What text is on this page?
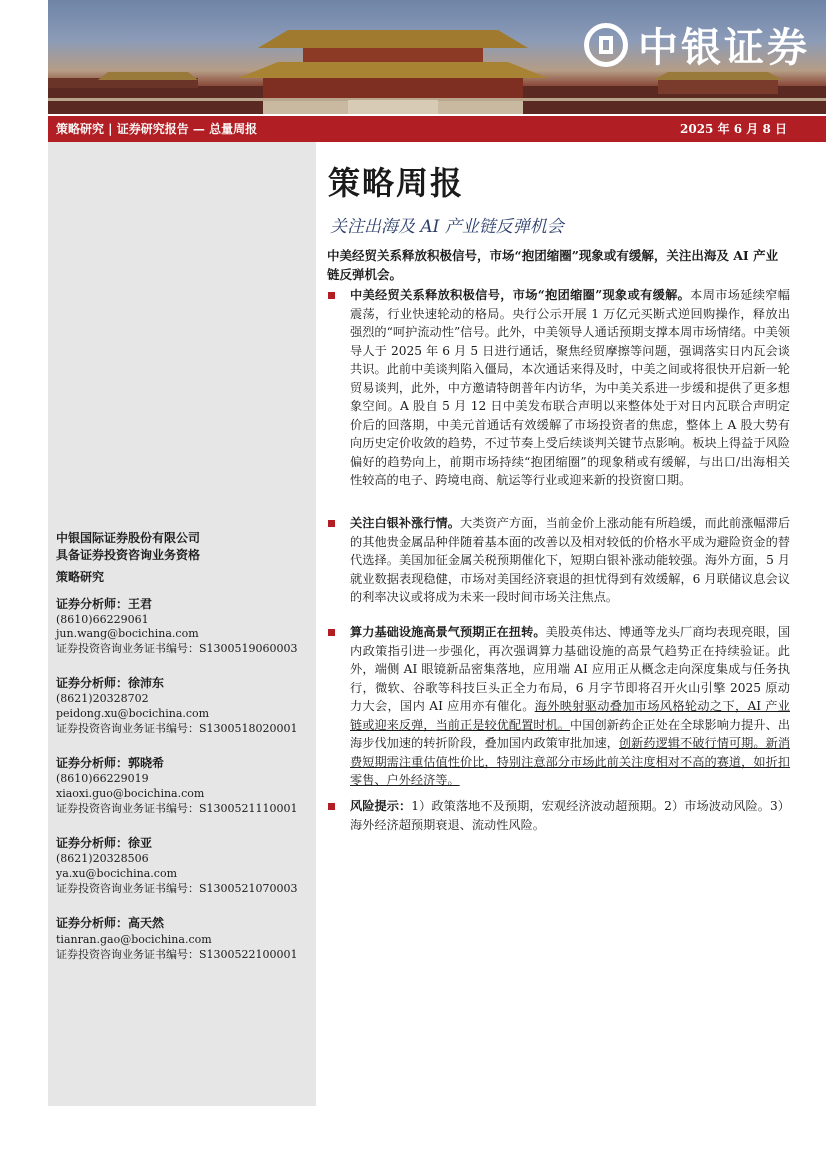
中银证券
策略研究 | 证券研究报告 — 总量周报	2025 年 6 月 8 日
中银国际证券股份有限公司
具备证券投资咨询业务资格
策略研究
证券分析师：王君
(8610)66229061
jun.wang@bocichina.com
证券投资咨询业务证书编号：S1300519060003
证券分析师：徐沛东
(8621)20328702
peidong.xu@bocichina.com
证券投资咨询业务证书编号：S1300518020001
证券分析师：郭晓希
(8610)66229019
xiaoxi.guo@bocichina.com
证券投资咨询业务证书编号：S1300521110001
证券分析师：徐亚
(8621)20328506
ya.xu@bocichina.com
证券投资咨询业务证书编号：S1300521070003
证券分析师：高天然
tianran.gao@bocichina.com
证券投资咨询业务证书编号：S1300522100001
策略周报
关注出海及 AI 产业链反弹机会
中美经贸关系释放积极信号，市场“抱团缩圈”现象或有缓解，关注出海及 AI 产业链反弹机会。
中美经贸关系释放积极信号，市场“抱团缩圈”现象或有缓解。本周市场延续窄幅震荡，行业快速轮动的格局。央行公示开展 1 万亿元买断式逆回购操作，释放出强烈的“呵护流动性”信号。此外，中美领导人通话预期支撑本周市场情绪。中美领导人于 2025 年 6 月 5 日进行通话，聚焦经贸摩擦等问题，强调落实日内瓦会谈共识。此前中美谈判陷入僵局，本次通话来得及时，中美之间或将很快开启新一轮贸易谈判，此外，中方邀请特朗普年内访华，为中美关系进一步缓和提供了更多想象空间。A 股自 5 月 12 日中美发布联合声明以来整体处于对日内瓦联合声明定价后的回落期，中美元首通话有效缓解了市场投资者的焦虑，整体上 A 股大势有向历史定价收敛的趋势，不过节奏上受后续谈判关键节点影响。板块上得益于风险偏好的趋势向上，前期市场持续“抱团缩圈”的现象稍或有缓解，与出口/出海相关性较高的电子、跨境电商、航运等行业或迎来新的投资窗口期。
关注白银补涨行情。大类资产方面，当前金价上涨动能有所趋缓，而此前涨幅滞后的其他贵金属品种伴随着基本面的改善以及相对较低的价格水平成为避险资金的替代选择。美国加征金属关税预期催化下，短期白银补涨动能较强。海外方面，5 月就业数据表现稳健，市场对美国经济衰退的担忧得到有效缓解，6 月联储议息会议的利率决议或将成为未来一段时间市场关注焦点。
算力基础设施高景气预期正在扭转。美股英伟达、博通等龙头厂商均表现亮眼，国内政策指引进一步强化，再次强调算力基础设施的高景气趋势正在持续验证。此外，端侧 AI 眼镜新品密集落地，应用端 AI 应用正从概念走向深度集成与任务执行，微软、谷歌等科技巨头正全力布局，6 月字节即将召开火山引擎 2025 原动力大会，国内 AI 应用亦有催化。海外映射驱动叠加市场风格轮动之下，AI 产业链或迎来反弹，当前正是较优配置时机。中国创新药企正处在全球影响力提升、出海步伐加速的转折阶段，叠加国内政策审批加速，创新药逻辑不破行情可期。新消费短期需注重估值性价比，特别注意部分市场此前关注度相对不高的赛道，如折扣零售、户外经济等。
风险提示：1）政策落地不及预期，宏观经济波动超预期。2）市场波动风险。3）海外经济超预期衰退、流动性风险。
